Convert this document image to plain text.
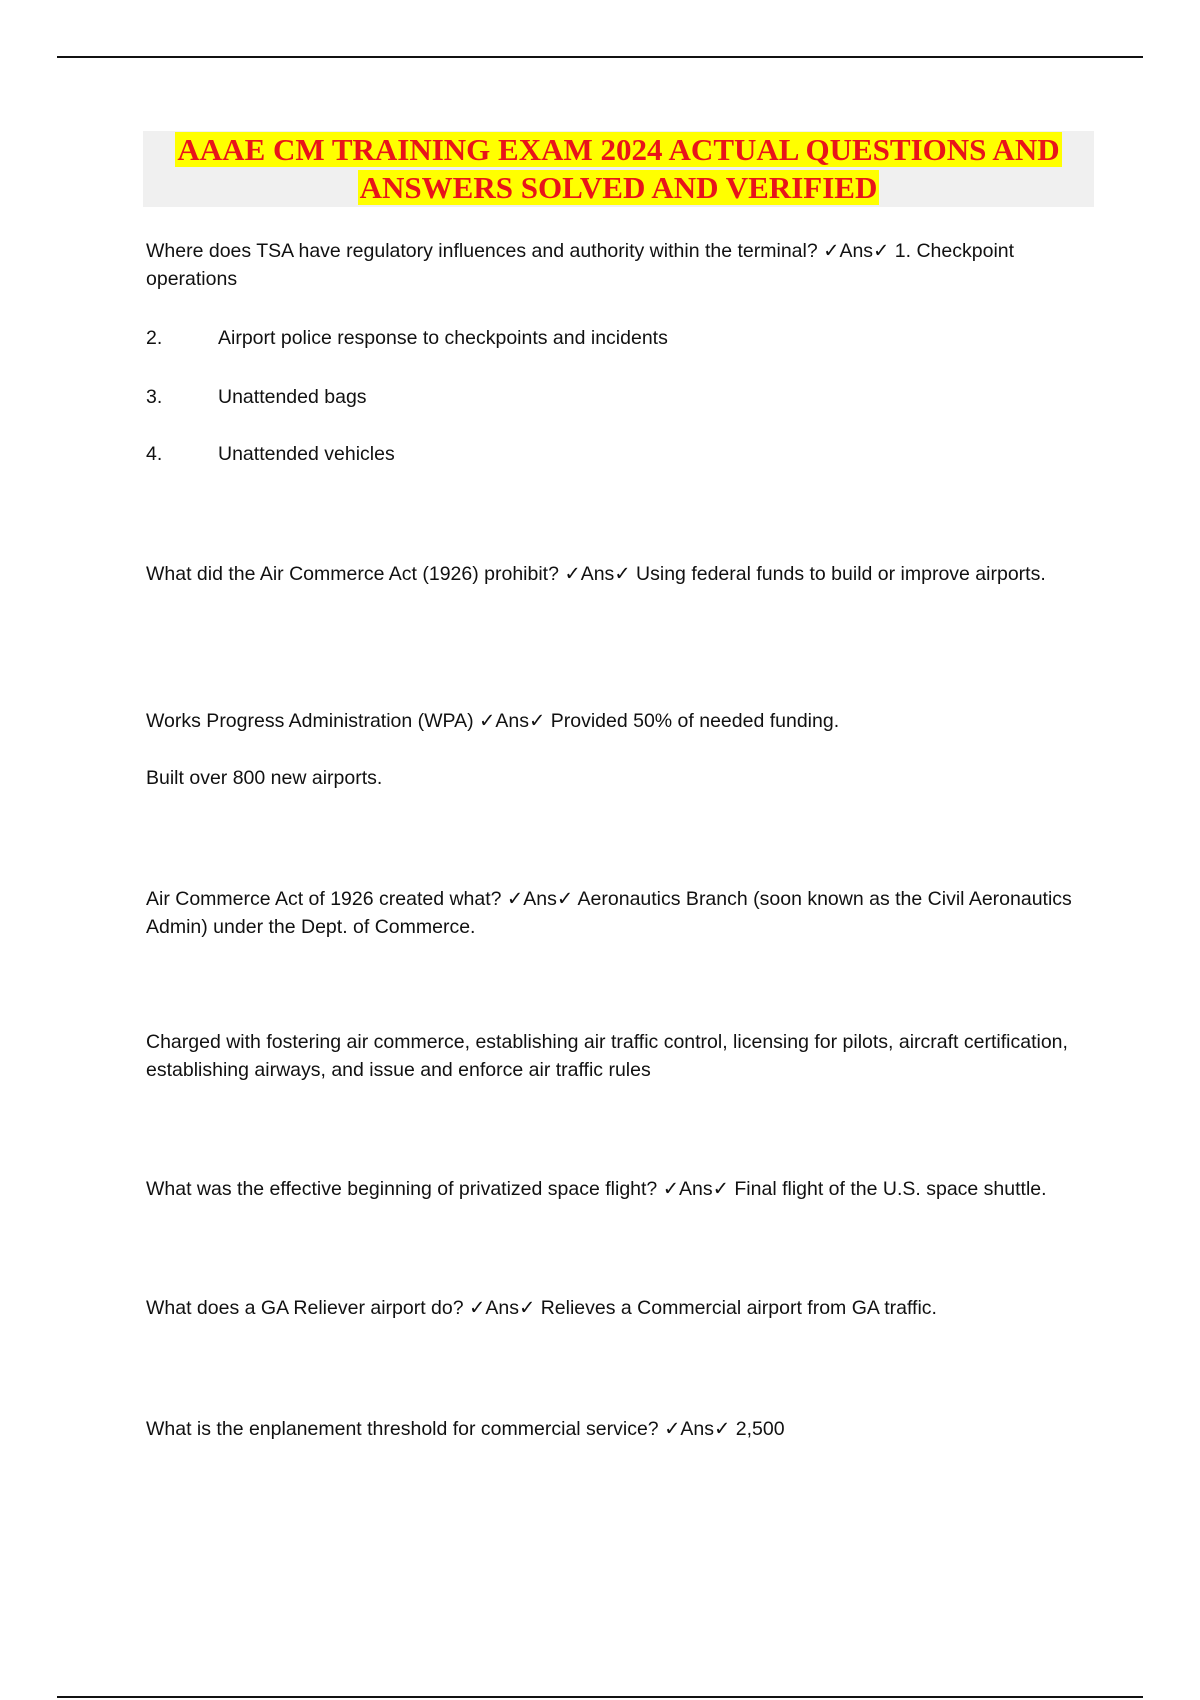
AAAE CM TRAINING EXAM 2024 ACTUAL QUESTIONS AND
ANSWERS SOLVED AND VERIFIED

Where does TSA have regulatory influences and authority within the terminal? ✓Ans✓ 1. Checkpoint operations

2.	Airport police response to checkpoints and incidents
3.	Unattended bags
4.	Unattended vehicles

What did the Air Commerce Act (1926) prohibit? ✓Ans✓ Using federal funds to build or improve airports.

Works Progress Administration (WPA) ✓Ans✓ Provided 50% of needed funding.

Built over 800 new airports.

Air Commerce Act of 1926 created what? ✓Ans✓ Aeronautics Branch (soon known as the Civil Aeronautics Admin) under the Dept. of Commerce.

Charged with fostering air commerce, establishing air traffic control, licensing for pilots, aircraft certification, establishing airways, and issue and enforce air traffic rules

What was the effective beginning of privatized space flight? ✓Ans✓ Final flight of the U.S. space shuttle.

What does a GA Reliever airport do? ✓Ans✓ Relieves a Commercial airport from GA traffic.

What is the enplanement threshold for commercial service? ✓Ans✓ 2,500
